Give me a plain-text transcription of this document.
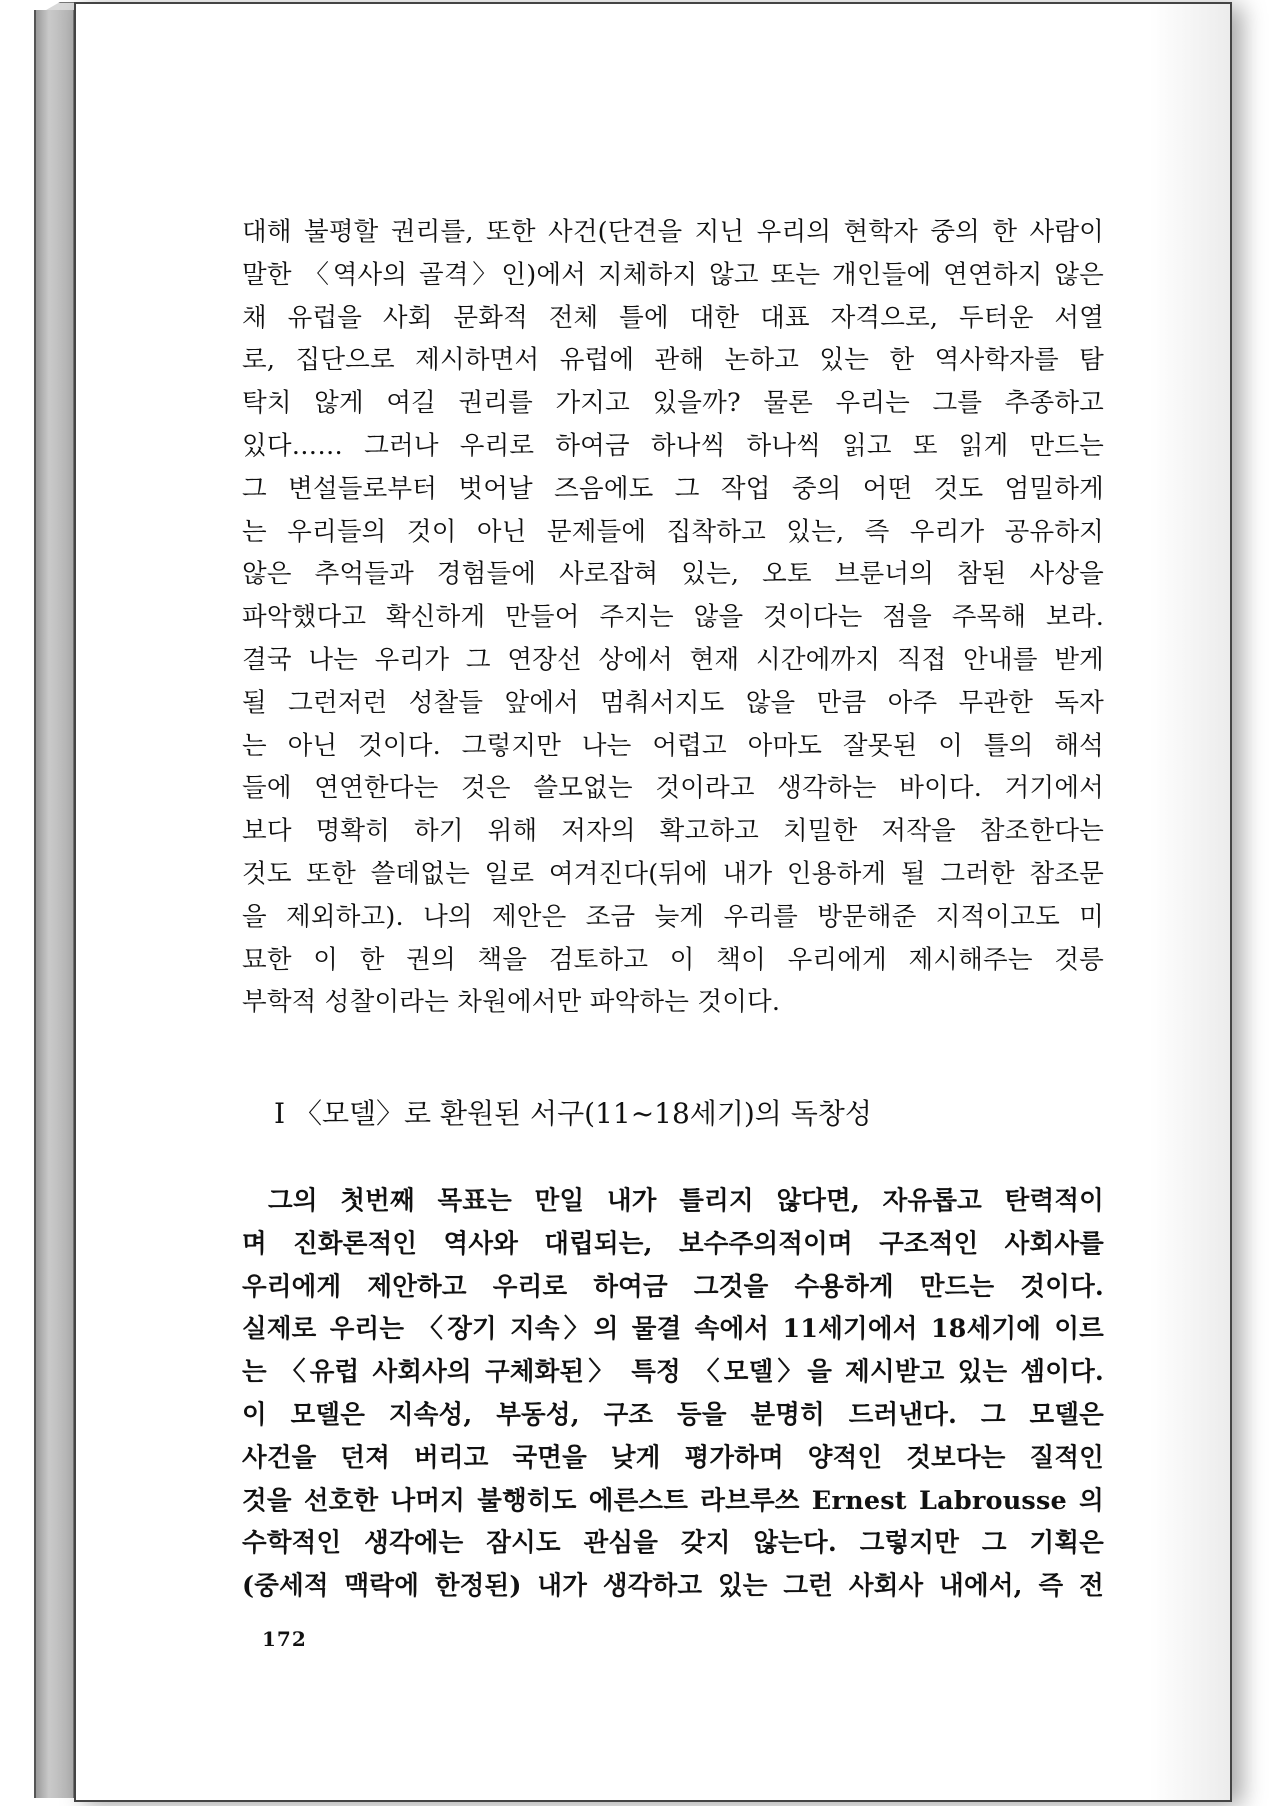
대해 불평할 권리를, 또한 사건(단견을 지닌 우리의 현학자 중의 한 사람이
말한 〈역사의 골격〉인)에서 지체하지 않고 또는 개인들에 연연하지 않은
채 유럽을 사회 문화적 전체 틀에 대한 대표 자격으로, 두터운 서열
로, 집단으로 제시하면서 유럽에 관해 논하고 있는 한 역사학자를 탐
탁치 않게 여길 권리를 가지고 있을까? 물론 우리는 그를 추종하고
있다…… 그러나 우리로 하여금 하나씩 하나씩 읽고 또 읽게 만드는
그 변설들로부터 벗어날 즈음에도 그 작업 중의 어떤 것도 엄밀하게
는 우리들의 것이 아닌 문제들에 집착하고 있는, 즉 우리가 공유하지
않은 추억들과 경험들에 사로잡혀 있는, 오토 브룬너의 참된 사상을
파악했다고 확신하게 만들어 주지는 않을 것이다는 점을 주목해 보라.
결국 나는 우리가 그 연장선 상에서 현재 시간에까지 직접 안내를 받게
될 그런저런 성찰들 앞에서 멈춰서지도 않을 만큼 아주 무관한 독자
는 아닌 것이다. 그렇지만 나는 어렵고 아마도 잘못된 이 틀의 해석
들에 연연한다는 것은 쓸모없는 것이라고 생각하는 바이다. 거기에서
보다 명확히 하기 위해 저자의 확고하고 치밀한 저작을 참조한다는
것도 또한 쓸데없는 일로 여겨진다(뒤에 내가 인용하게 될 그러한 참조문
을 제외하고). 나의 제안은 조금 늦게 우리를 방문해준 지적이고도 미
묘한 이 한 권의 책을 검토하고 이 책이 우리에게 제시해주는 것릉
부학적 성찰이라는 차원에서만 파악하는 것이다.
I 〈모델〉로 환원된 서구(11~18세기)의 독창성
그의 첫번째 목표는 만일 내가 틀리지 않다면, 자유롭고 탄력적이
며 진화론적인 역사와 대립되는, 보수주의적이며 구조적인 사회사를
우리에게 제안하고 우리로 하여금 그것을 수용하게 만드는 것이다.
실제로 우리는 〈장기 지속〉의 물결 속에서 11세기에서 18세기에 이르
는 〈유럽 사회사의 구체화된〉 특정 〈모델〉을 제시받고 있는 셈이다.
이 모델은 지속성, 부동성, 구조 등을 분명히 드러낸다. 그 모델은
사건을 던져 버리고 국면을 낮게 평가하며 양적인 것보다는 질적인
것을 선호한 나머지 불행히도 에른스트 라브루쓰 Ernest Labrousse 의
수학적인 생각에는 잠시도 관심을 갖지 않는다. 그렇지만 그 기획은
(중세적 맥락에 한정된) 내가 생각하고 있는 그런 사회사 내에서, 즉 전
172
